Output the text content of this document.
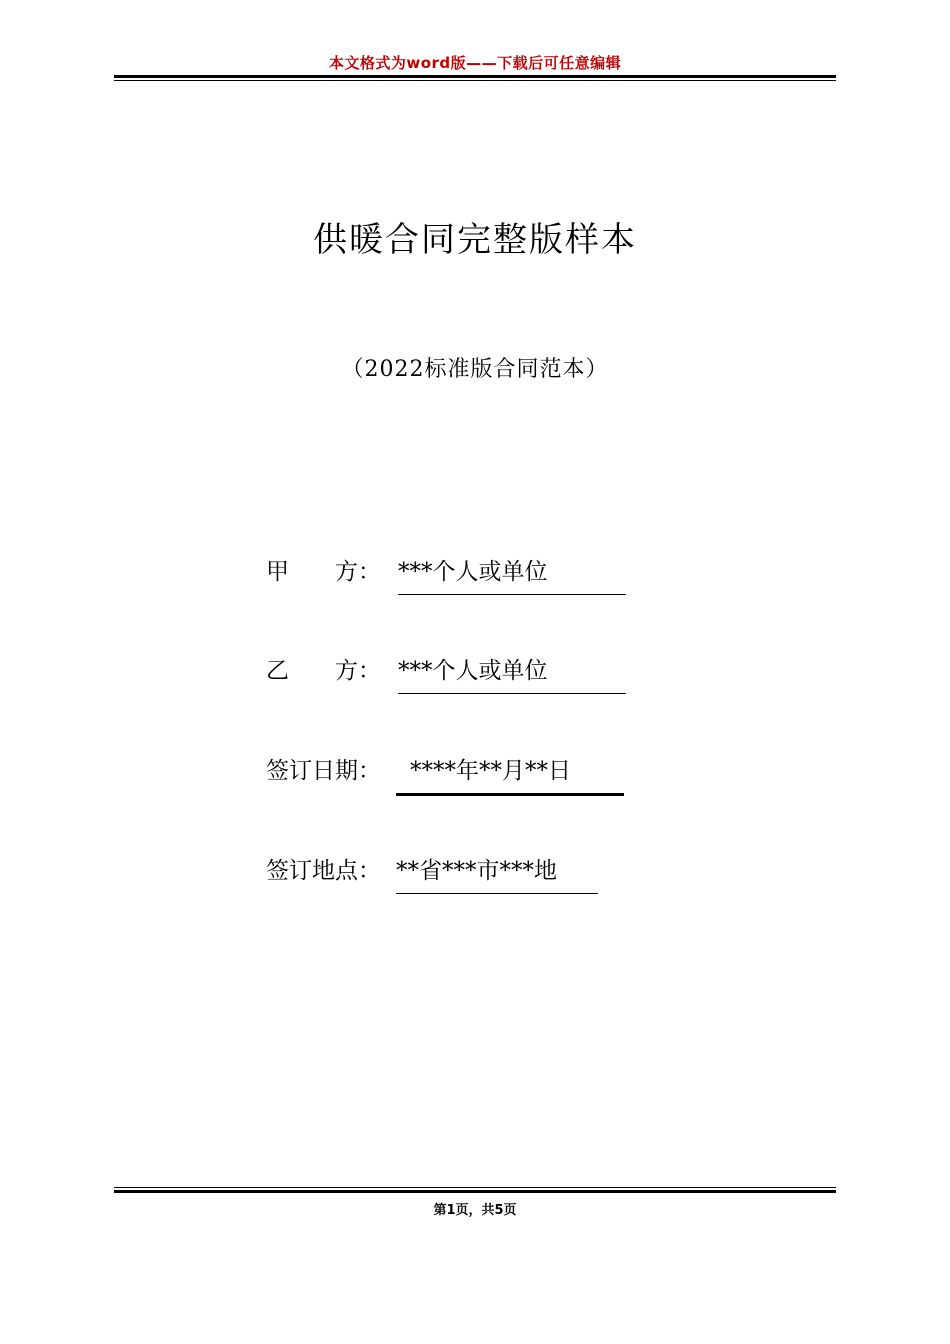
本文格式为word版——下载后可任意编辑
供暖合同完整版样本
（2022标准版合同范本）
甲　　方： ***个人或单位
乙　　方： ***个人或单位
签订日期：	****年**月**日
签订地点： **省***市***地
第1页，共5页
